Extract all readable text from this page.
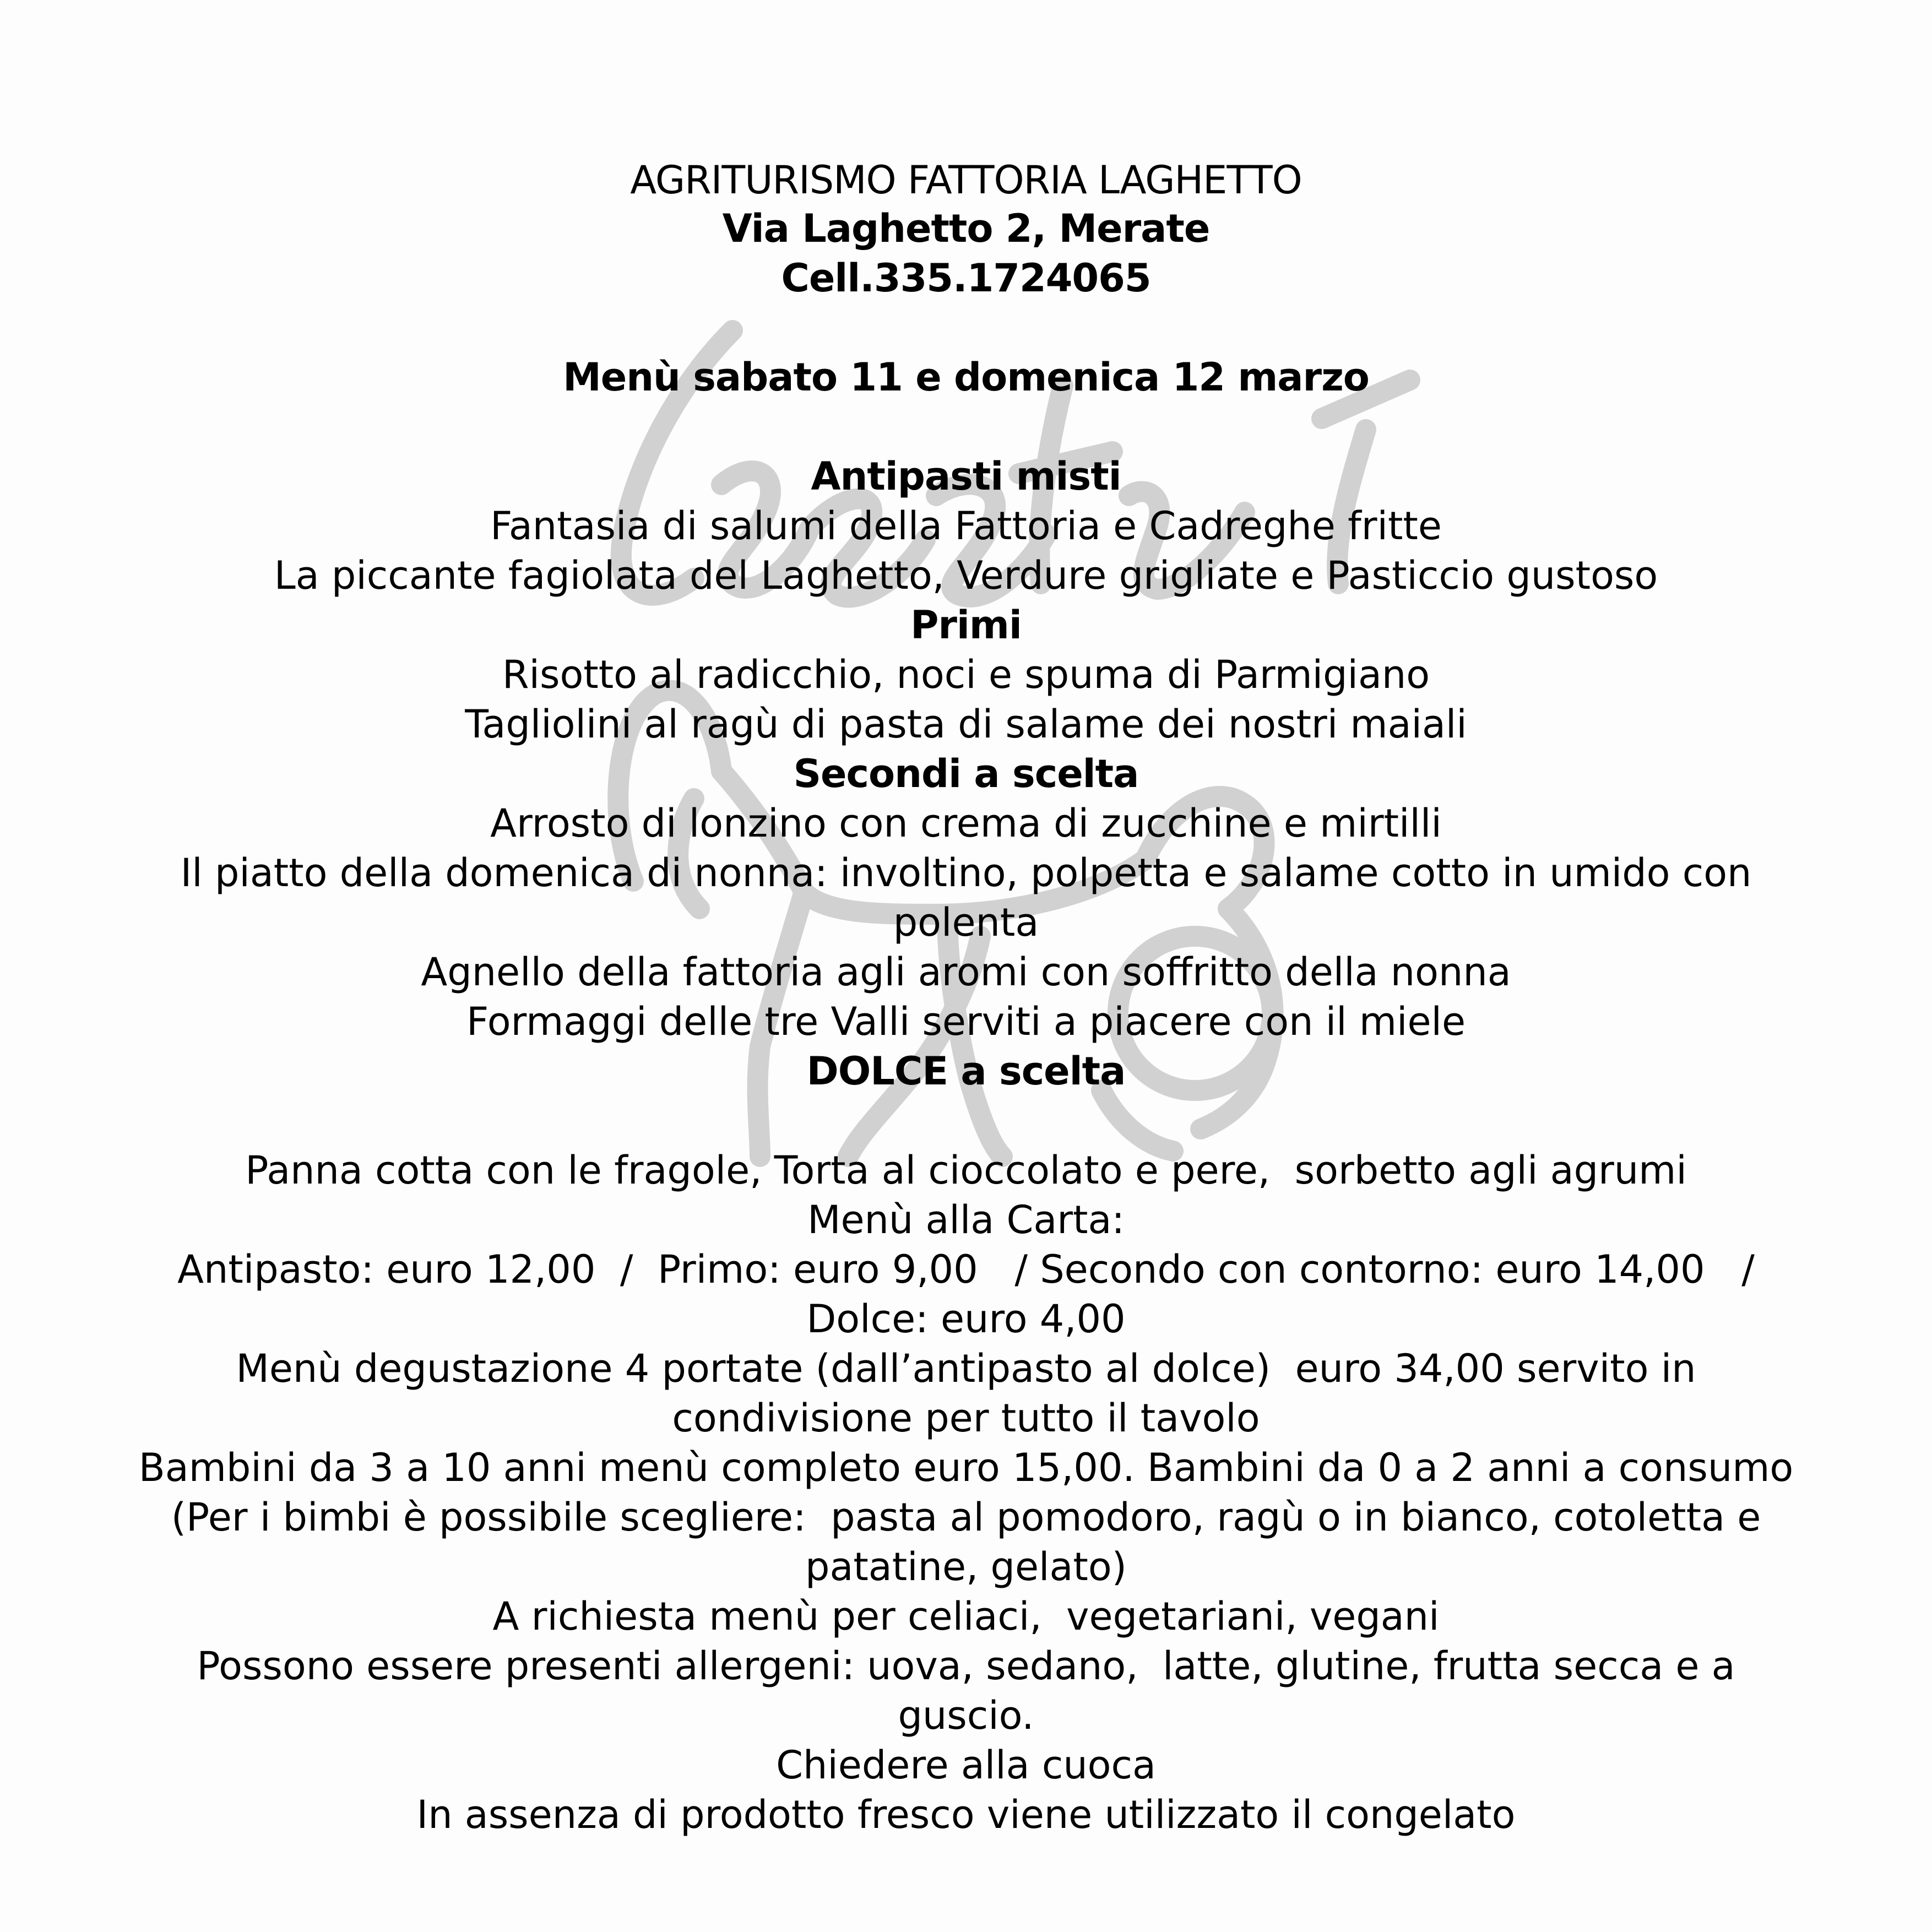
AGRITURISMO FATTORIA LAGHETTO
Via Laghetto 2, Merate
Cell.335.1724065
Menù sabato 11 e domenica 12 marzo
Antipasti misti
Fantasia di salumi della Fattoria e Cadreghe fritte
La piccante fagiolata del Laghetto, Verdure grigliate e Pasticcio gustoso
Primi
Risotto al radicchio, noci e spuma di Parmigiano
Tagliolini al ragù di pasta di salame dei nostri maiali
Secondi a scelta
Arrosto di lonzino con crema di zucchine e mirtilli
Il piatto della domenica di nonna: involtino, polpetta e salame cotto in umido con
polenta
Agnello della fattoria agli aromi con soffritto della nonna
Formaggi delle tre Valli serviti a piacere con il miele
DOLCE a scelta
Panna cotta con le fragole, Torta al cioccolato e pere,  sorbetto agli agrumi
Menù alla Carta:
Antipasto: euro 12,00  /  Primo: euro 9,00   / Secondo con contorno: euro 14,00   /
Dolce: euro 4,00
Menù degustazione 4 portate (dall’antipasto al dolce)  euro 34,00 servito in
condivisione per tutto il tavolo
Bambini da 3 a 10 anni menù completo euro 15,00. Bambini da 0 a 2 anni a consumo
(Per i bimbi è possibile scegliere:  pasta al pomodoro, ragù o in bianco, cotoletta e
patatine, gelato)
A richiesta menù per celiaci,  vegetariani, vegani
Possono essere presenti allergeni: uova, sedano,  latte, glutine, frutta secca e a
guscio.
Chiedere alla cuoca
In assenza di prodotto fresco viene utilizzato il congelato
